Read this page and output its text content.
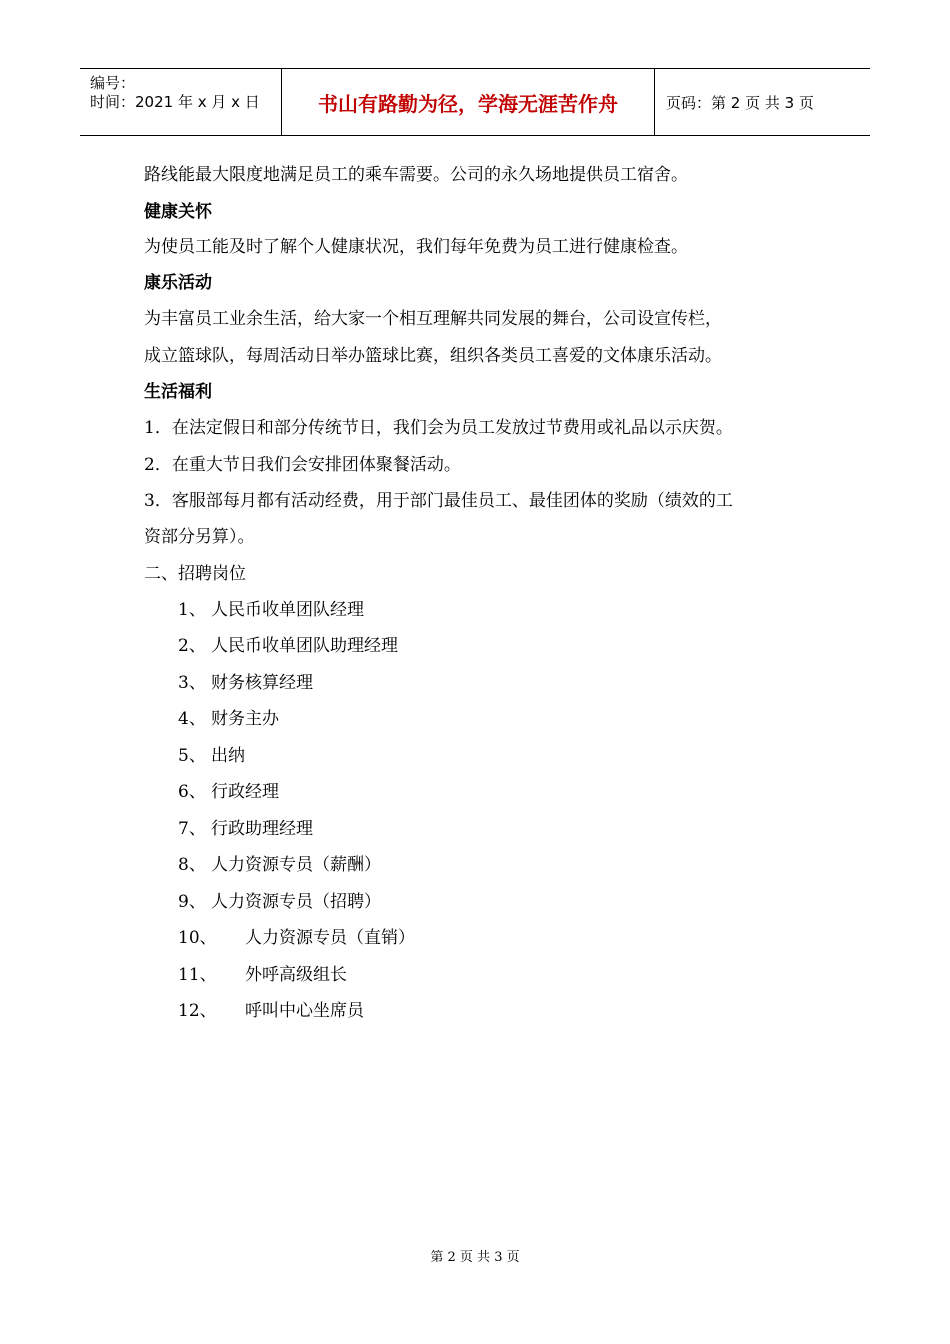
编号：
时间：2021 年 x 月 x 日	书山有路勤为径，学海无涯苦作舟	页码：第 2 页 共 3 页
路线能最大限度地满足员工的乘车需要。公司的永久场地提供员工宿舍。
健康关怀
为使员工能及时了解个人健康状况，我们每年免费为员工进行健康检查。
康乐活动
为丰富员工业余生活，给大家一个相互理解共同发展的舞台，公司设宣传栏，
成立篮球队，每周活动日举办篮球比赛，组织各类员工喜爱的文体康乐活动。
生活福利
1．在法定假日和部分传统节日，我们会为员工发放过节费用或礼品以示庆贺。
2．在重大节日我们会安排团体聚餐活动。
3．客服部每月都有活动经费，用于部门最佳员工、最佳团体的奖励（绩效的工
资部分另算）。
二、招聘岗位
1、 人民币收单团队经理
2、 人民币收单团队助理经理
3、 财务核算经理
4、 财务主办
5、 出纳
6、 行政经理
7、 行政助理经理
8、 人力资源专员（薪酬）
9、 人力资源专员（招聘）
10、 人力资源专员（直销）
11、 外呼高级组长
12、 呼叫中心坐席员
第 2 页 共 3 页
